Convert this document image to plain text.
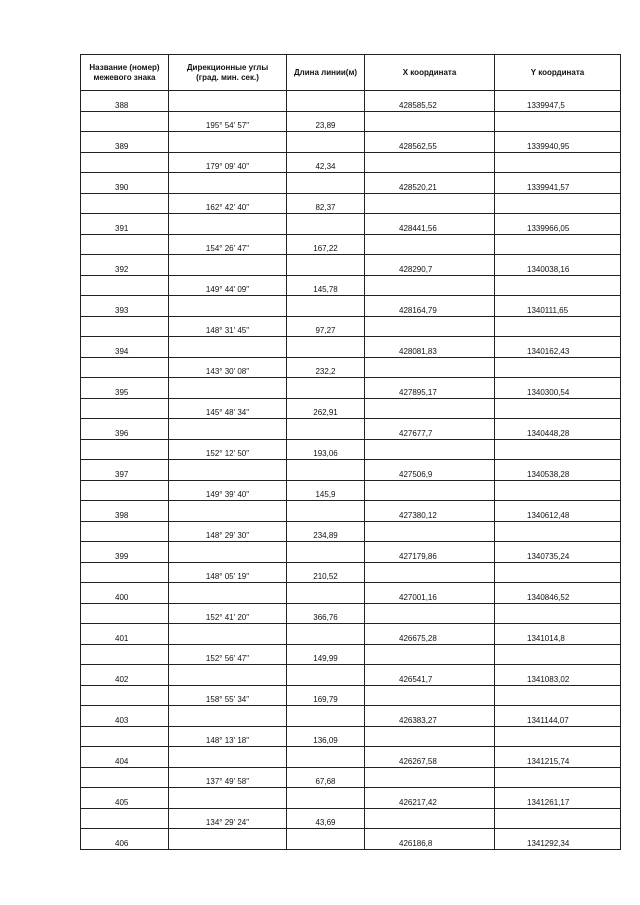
Название (номер)
межевого знака	Дирекционные углы
(град. мин. сек.)	Длина линии(м)	X координата	Y координата
388			428585,52	1339947,5
	195° 54' 57"	23,89		
389			428562,55	1339940,95
	179° 09' 40"	42,34		
390			428520,21	1339941,57
	162° 42' 40"	82,37		
391			428441,56	1339966,05
	154° 26' 47"	167,22		
392			428290,7	1340038,16
	149° 44' 09"	145,78		
393			428164,79	1340111,65
	148° 31' 45"	97,27		
394			428081,83	1340162,43
	143° 30' 08"	232,2		
395			427895,17	1340300,54
	145° 48' 34"	262,91		
396			427677,7	1340448,28
	152° 12' 50"	193,06		
397			427506,9	1340538,28
	149° 39' 40"	145,9		
398			427380,12	1340612,48
	148° 29' 30"	234,89		
399			427179,86	1340735,24
	148° 05' 19"	210,52		
400			427001,16	1340846,52
	152° 41' 20"	366,76		
401			426675,28	1341014,8
	152° 56' 47"	149,99		
402			426541,7	1341083,02
	158° 55' 34"	169,79		
403			426383,27	1341144,07
	148° 13' 18"	136,09		
404			426267,58	1341215,74
	137° 49' 58"	67,68		
405			426217,42	1341261,17
	134° 29' 24"	43,69		
406			426186,8	1341292,34
